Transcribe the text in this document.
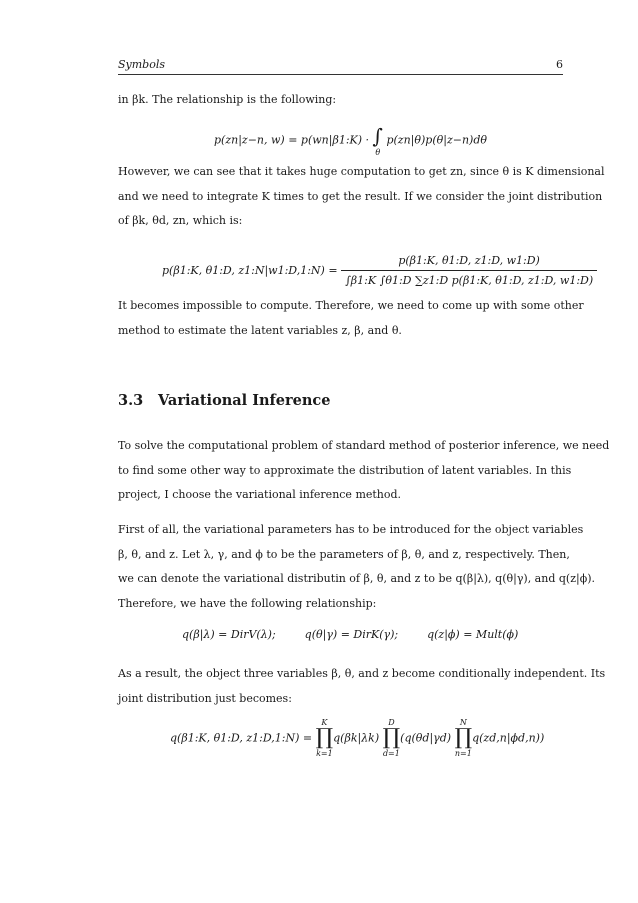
Symbols	6

in βk. The relationship is the following:

p(zn|z−n, w) = p(wn|β1:K) · ∫
θ
p(zn|θ)p(θ|z−n)dθ

However, we can see that it takes huge computation to get zn, since θ is K dimensional
and we need to integrate K times to get the result. If we consider the joint distribution
of βk, θd, zn, which is:

p(β1:K, θ1:D, z1:N|w1:D,1:N) = $\frac{p(\beta 1:K, \theta 1:D, z1:D, w1:D)}{\text{∫β1:K ∫θ1:D ∑z1:D p(β1:K, θ1:D, z1:D, w1:D)}}$

It becomes impossible to compute. Therefore, we need to come up with some other
method to estimate the latent variables z, β, and θ.

3.3 Variational Inference

To solve the computational problem of standard method of posterior inference, we need
to find some other way to approximate the distribution of latent variables. In this
project, I choose the variational inference method.

First of all, the variational parameters has to be introduced for the object variables
β, θ, and z. Let λ, γ, and ϕ to be the parameters of β, θ, and z, respectively. Then,
we can denote the variational distributin of β, θ, and z to be q(β|λ), q(θ|γ), and q(z|ϕ).
Therefore, we have the following relationship:

q(β|λ) = DirV(λ);	q(θ|γ) = DirK(γ);	q(z|ϕ) = Mult(ϕ)

As a result, the object three variables β, θ, and z become conditionally independent. Its
joint distribution just becomes:

q(β1:K, θ1:D, z1:D,1:N) =
K
∏
k=1
q(βk|λk)
D
∏
d=1
(q(θd|γd)
N
∏
n=1
q(zd,n|ϕd,n))
